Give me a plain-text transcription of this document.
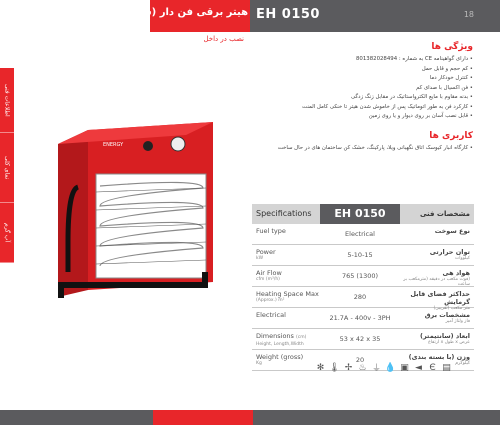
EH 0150	18
هیتر برقی فن دار (سه فاز)
نصب در داخل
اطلاعات فنی
نمای کلی
آب گرم
ENERGY
ویژگی ها
• دارای گواهینامه CE به شماره : 801382028494
• کم حجم و قابل حمل
• کنترل خودکار دما
• فن اکسیال با صدای کم
• بدنه مقاوم با مایع الکترواستاتیک در مقابل زنگ زدگی
• کارکرد فن به طور اتوماتیک پس از خاموش شدن هیتر تا خنکی کامل المنت
• قابل نصب آسان بر روی دیوار و یا روی زمین
کاربری ها
• کارگاه انبار کیوسک اتاق نگهبانی ویلا، پارکینگ، خشک کن ساختمان های در حال ساخت
Specifications	EH 0150	مشخصات فنی
Fuel type	Electrical	نوع سوخت
Power
kW	5-10-15	توان حرارتی
کیلووات
Air Flow
cfm (m³/h)	765 (1300)	هواد هی
(فوت مکعب در دقیقه (مترمکعب بر ساعت
Heating Space Max
(Approx.) m²	280	حداکثر فضای قابل گرمایش
متر مکعب (تقریبی)
Electrical	21.7A - 400v - 3PH	مشخصات برق
فاز ولتاژ آمپر
Dimensions (cm)
Height, Length,Width
53 x 42 x 35	ابعاد (سانتیمتر)
عرض x طول x ارتفاع
Weight (gross)
Kg	20	وزن (با بسته بندی)
کیلوگرم
✻ 🌡 ✢ ♨ ⏚ 💧 ▣ ◄ Є ▤
